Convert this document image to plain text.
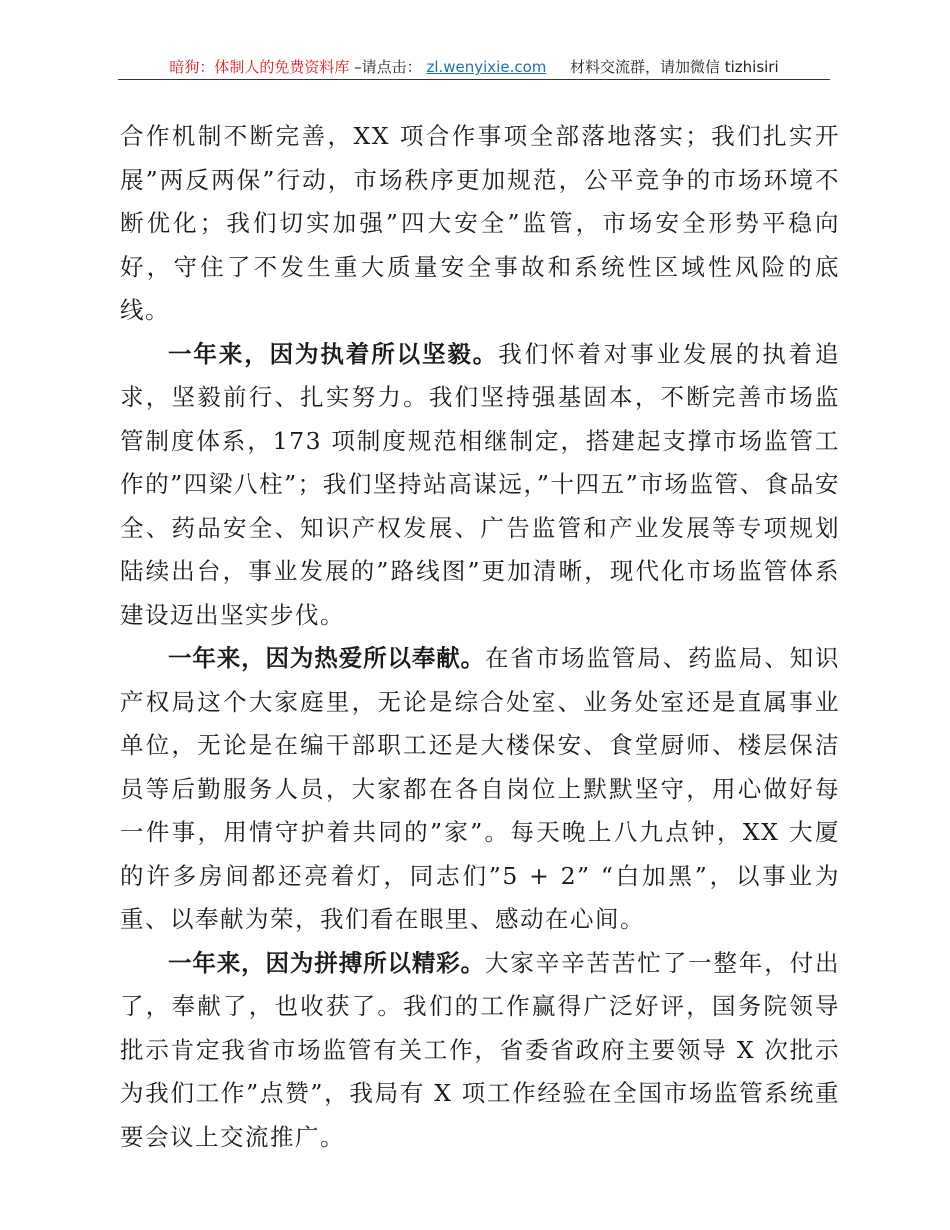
暗狗：体制人的免费资料库 –请点击： zl.wenyixie.com 材料交流群，请加微信 tizhisiri

合作机制不断完善，XX 项合作事项全部落地落实；我们扎实开展”两反两保”行动，市场秩序更加规范，公平竞争的市场环境不断优化；我们切实加强”四大安全”监管，市场安全形势平稳向好，守住了不发生重大质量安全事故和系统性区域性风险的底线。

一年来，因为执着所以坚毅。我们怀着对事业发展的执着追求，坚毅前行、扎实努力。我们坚持强基固本，不断完善市场监管制度体系，173 项制度规范相继制定，搭建起支撑市场监管工作的”四梁八柱”；我们坚持站高谋远，”十四五”市场监管、食品安全、药品安全、知识产权发展、广告监管和产业发展等专项规划陆续出台，事业发展的”路线图”更加清晰，现代化市场监管体系建设迈出坚实步伐。

一年来，因为热爱所以奉献。在省市场监管局、药监局、知识产权局这个大家庭里，无论是综合处室、业务处室还是直属事业单位，无论是在编干部职工还是大楼保安、食堂厨师、楼层保洁员等后勤服务人员，大家都在各自岗位上默默坚守，用心做好每一件事，用情守护着共同的”家”。每天晚上八九点钟，XX 大厦的许多房间都还亮着灯，同志们”5 + 2” “白加黑”，以事业为重、以奉献为荣，我们看在眼里、感动在心间。

一年来，因为拼搏所以精彩。大家辛辛苦苦忙了一整年，付出了，奉献了，也收获了。我们的工作赢得广泛好评，国务院领导批示肯定我省市场监管有关工作，省委省政府主要领导 X 次批示为我们工作”点赞”，我局有 X 项工作经验在全国市场监管系统重要会议上交流推广。
